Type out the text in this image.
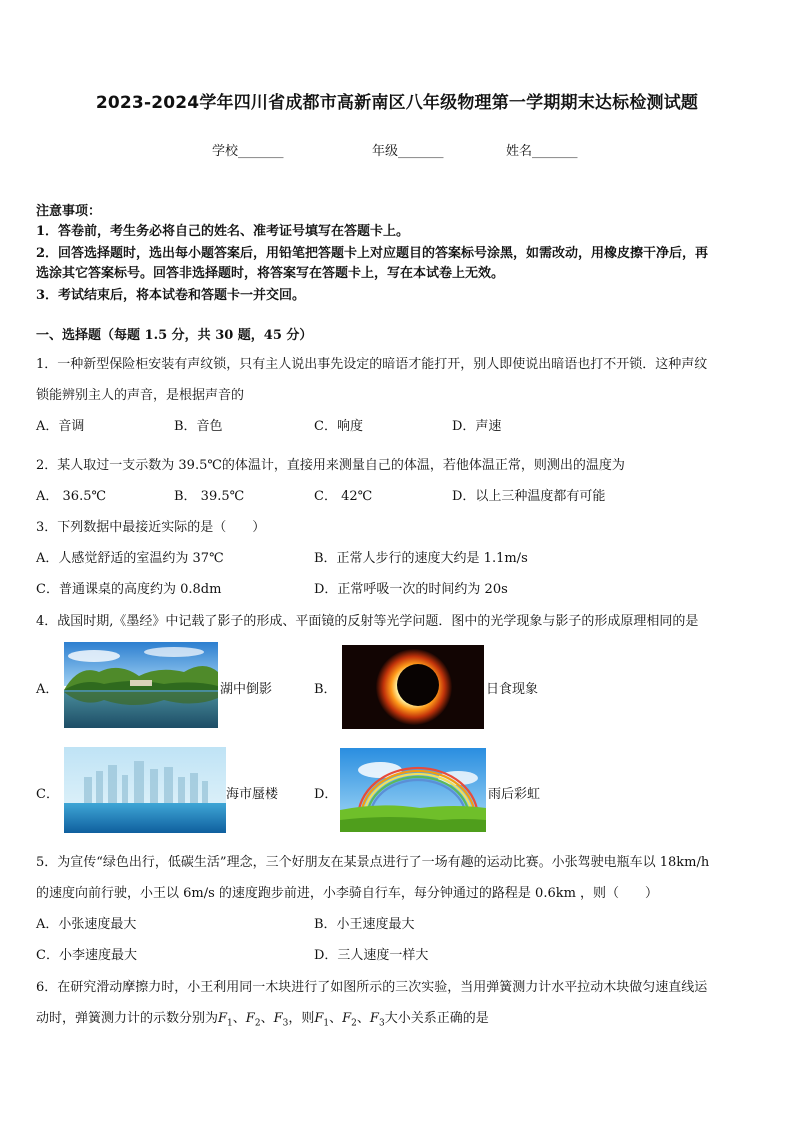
2023-2024学年四川省成都市高新南区八年级物理第一学期期末达标检测试题
学校_______	年级_______	姓名_______
注意事项：
1．答卷前，考生务必将自己的姓名、准考证号填写在答题卡上。
2．回答选择题时，选出每小题答案后，用铅笔把答题卡上对应题目的答案标号涂黑，如需改动，用橡皮擦干净后，再
选涂其它答案标号。回答非选择题时，将答案写在答题卡上，写在本试卷上无效。
3．考试结束后，将本试卷和答题卡一并交回。
一、选择题（每题 1.5 分，共 30 题，45 分）
1．一种新型保险柜安装有声纹锁，只有主人说出事先设定的暗语才能打开，别人即使说出暗语也打不开锁．这种声纹
锁能辨别主人的声音，是根据声音的
A．音调	B．音色	C．响度	D．声速
2．某人取过一支示数为 39.5℃的体温计，直接用来测量自己的体温，若他体温正常，则测出的温度为
A． 36.5℃	B． 39.5℃	C． 42℃	D．以上三种温度都有可能
3．下列数据中最接近实际的是（　　）
A．人感觉舒适的室温约为 37℃	B．正常人步行的速度大约是 1.1m/s
C．普通课桌的高度约为 0.8dm	D．正常呼吸一次的时间约为 20s
4．战国时期,《墨经》中记载了影子的形成、平面镜的反射等光学问题．图中的光学现象与影子的形成原理相同的是
A．	湖中倒影	B．	日食现象
C．	海市蜃楼	D．	雨后彩虹
5．为宣传“绿色出行，低碳生活”理念，三个好朋友在某景点进行了一场有趣的运动比赛。小张驾驶电瓶车以 18km/h
的速度向前行驶，小王以 6m/s 的速度跑步前进，小李骑自行车，每分钟通过的路程是 0.6km ，则（　　）
A．小张速度最大	B．小王速度最大
C．小李速度最大	D．三人速度一样大
6．在研究滑动摩擦力时，小王利用同一木块进行了如图所示的三次实验，当用弹簧测力计水平拉动木块做匀速直线运
动时，弹簧测力计的示数分别为$F_1$、$F_2$、$F_3$，则$F_1$、$F_2$、$F_3$大小关系正确的是
